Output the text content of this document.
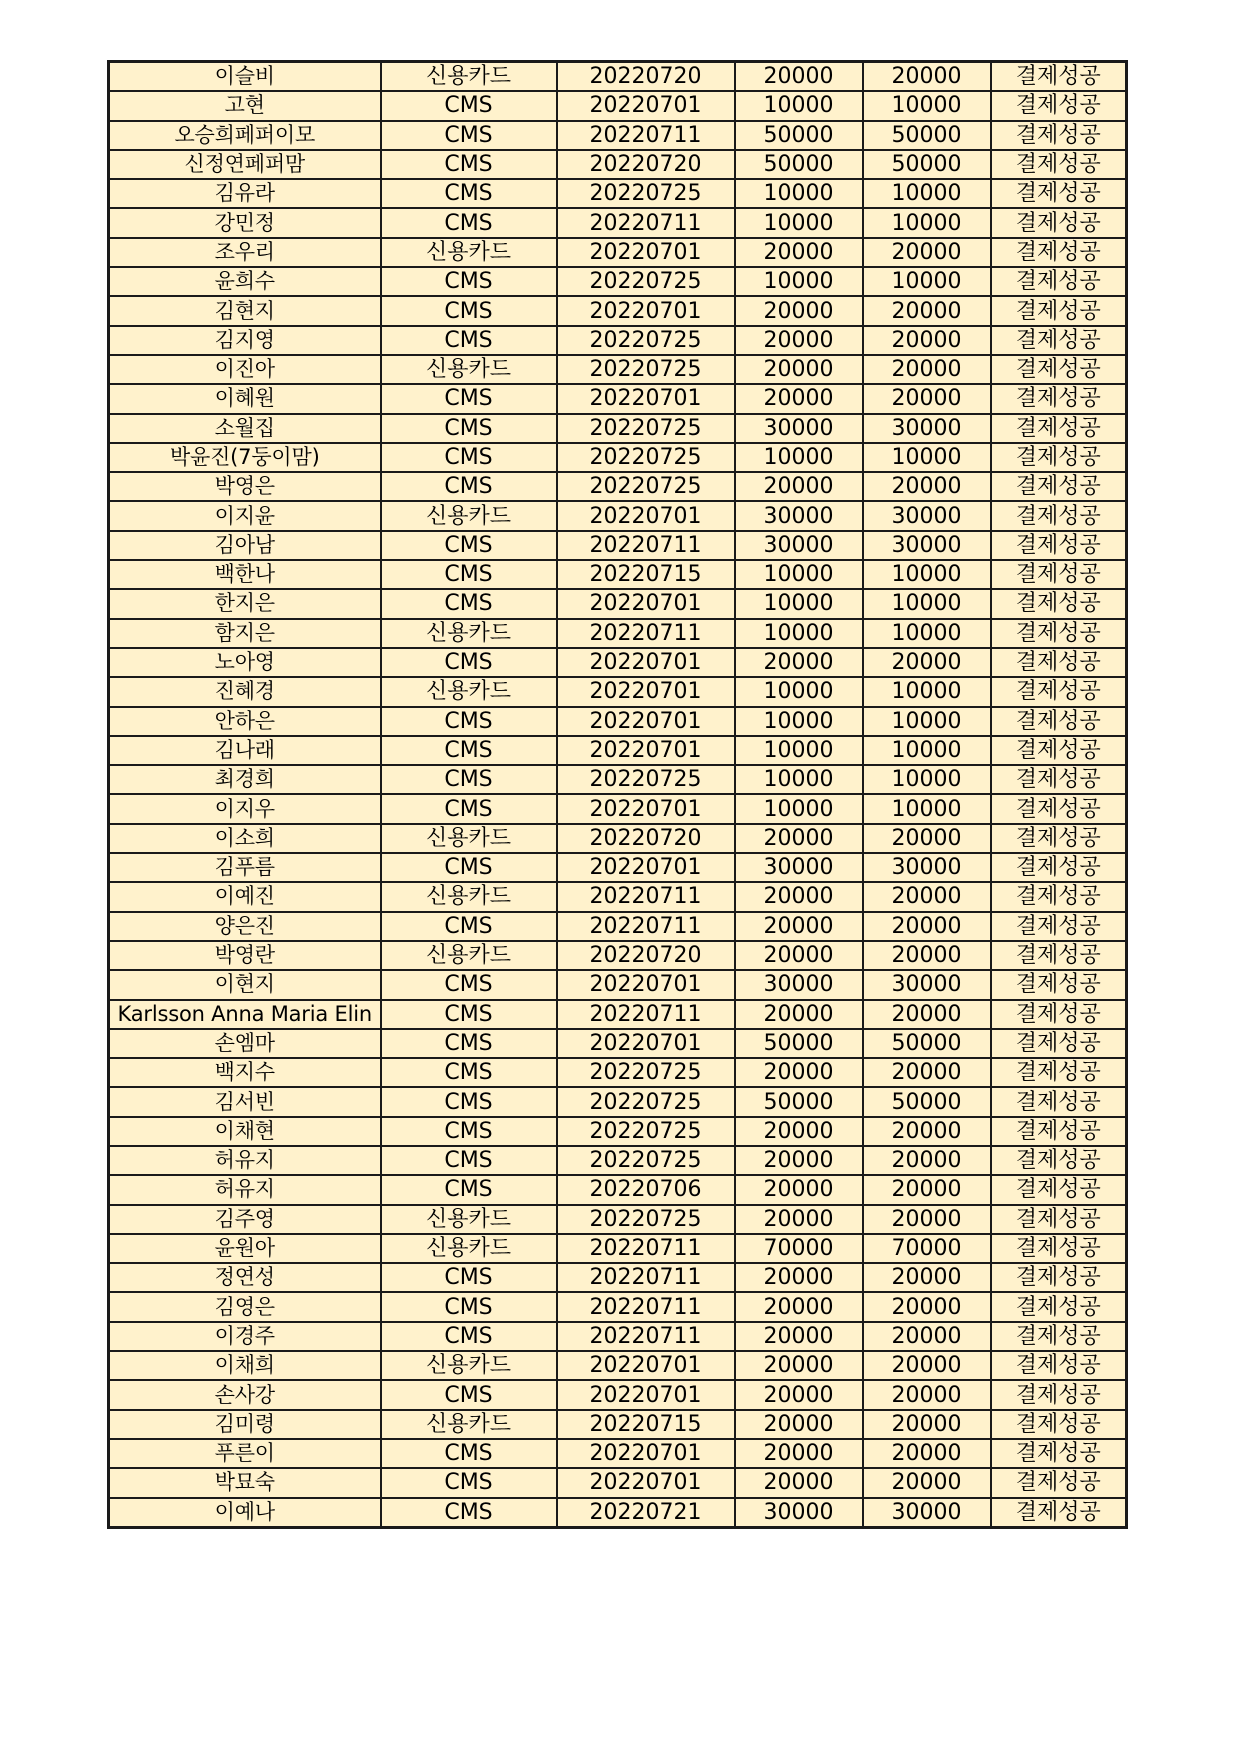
이슬비	신용카드	20220720	20000	20000	결제성공
고현	CMS	20220701	10000	10000	결제성공
오승희페퍼이모	CMS	20220711	50000	50000	결제성공
신정연페퍼맘	CMS	20220720	50000	50000	결제성공
김유라	CMS	20220725	10000	10000	결제성공
강민정	CMS	20220711	10000	10000	결제성공
조우리	신용카드	20220701	20000	20000	결제성공
윤희수	CMS	20220725	10000	10000	결제성공
김현지	CMS	20220701	20000	20000	결제성공
김지영	CMS	20220725	20000	20000	결제성공
이진아	신용카드	20220725	20000	20000	결제성공
이혜원	CMS	20220701	20000	20000	결제성공
소월집	CMS	20220725	30000	30000	결제성공
박윤진(7둥이맘)	CMS	20220725	10000	10000	결제성공
박영은	CMS	20220725	20000	20000	결제성공
이지윤	신용카드	20220701	30000	30000	결제성공
김아남	CMS	20220711	30000	30000	결제성공
백한나	CMS	20220715	10000	10000	결제성공
한지은	CMS	20220701	10000	10000	결제성공
함지은	신용카드	20220711	10000	10000	결제성공
노아영	CMS	20220701	20000	20000	결제성공
진혜경	신용카드	20220701	10000	10000	결제성공
안하은	CMS	20220701	10000	10000	결제성공
김나래	CMS	20220701	10000	10000	결제성공
최경희	CMS	20220725	10000	10000	결제성공
이지우	CMS	20220701	10000	10000	결제성공
이소희	신용카드	20220720	20000	20000	결제성공
김푸름	CMS	20220701	30000	30000	결제성공
이예진	신용카드	20220711	20000	20000	결제성공
양은진	CMS	20220711	20000	20000	결제성공
박영란	신용카드	20220720	20000	20000	결제성공
이현지	CMS	20220701	30000	30000	결제성공
Karlsson Anna Maria Elin	CMS	20220711	20000	20000	결제성공
손엠마	CMS	20220701	50000	50000	결제성공
백지수	CMS	20220725	20000	20000	결제성공
김서빈	CMS	20220725	50000	50000	결제성공
이채현	CMS	20220725	20000	20000	결제성공
허유지	CMS	20220725	20000	20000	결제성공
허유지	CMS	20220706	20000	20000	결제성공
김주영	신용카드	20220725	20000	20000	결제성공
윤원아	신용카드	20220711	70000	70000	결제성공
정연성	CMS	20220711	20000	20000	결제성공
김영은	CMS	20220711	20000	20000	결제성공
이경주	CMS	20220711	20000	20000	결제성공
이채희	신용카드	20220701	20000	20000	결제성공
손사강	CMS	20220701	20000	20000	결제성공
김미령	신용카드	20220715	20000	20000	결제성공
푸른이	CMS	20220701	20000	20000	결제성공
박묘숙	CMS	20220701	20000	20000	결제성공
이예나	CMS	20220721	30000	30000	결제성공
